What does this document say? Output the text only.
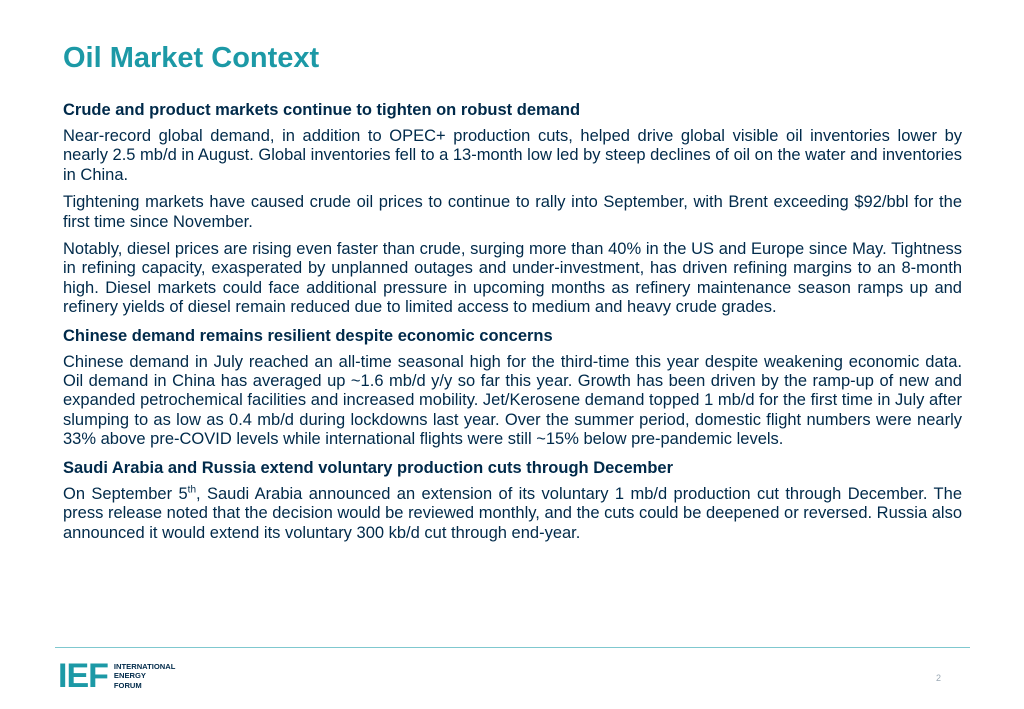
Oil Market Context
Crude and product markets continue to tighten on robust demand

Near-record global demand, in addition to OPEC+ production cuts, helped drive global visible oil inventories lower by nearly 2.5 mb/d in August. Global inventories fell to a 13-month low led by steep declines of oil on the water and inventories in China.

Tightening markets have caused crude oil prices to continue to rally into September, with Brent exceeding $92/bbl for the first time since November.

Notably, diesel prices are rising even faster than crude, surging more than 40% in the US and Europe since May. Tightness in refining capacity, exasperated by unplanned outages and under-investment, has driven refining margins to an 8-month high. Diesel markets could face additional pressure in upcoming months as refinery maintenance season ramps up and refinery yields of diesel remain reduced due to limited access to medium and heavy crude grades.

Chinese demand remains resilient despite economic concerns

Chinese demand in July reached an all-time seasonal high for the third-time this year despite weakening economic data. Oil demand in China has averaged up ~1.6 mb/d y/y so far this year. Growth has been driven by the ramp-up of new and expanded petrochemical facilities and increased mobility. Jet/Kerosene demand topped 1 mb/d for the first time in July after slumping to as low as 0.4 mb/d during lockdowns last year. Over the summer period, domestic flight numbers were nearly 33% above pre-COVID levels while international flights were still ~15% below pre-pandemic levels.

Saudi Arabia and Russia extend voluntary production cuts through December

On September 5th, Saudi Arabia announced an extension of its voluntary 1 mb/d production cut through December. The press release noted that the decision would be reviewed monthly, and the cuts could be deepened or reversed. Russia also announced it would extend its voluntary 300 kb/d cut through end-year.

IEF INTERNATIONAL
ENERGY
FORUM
2
